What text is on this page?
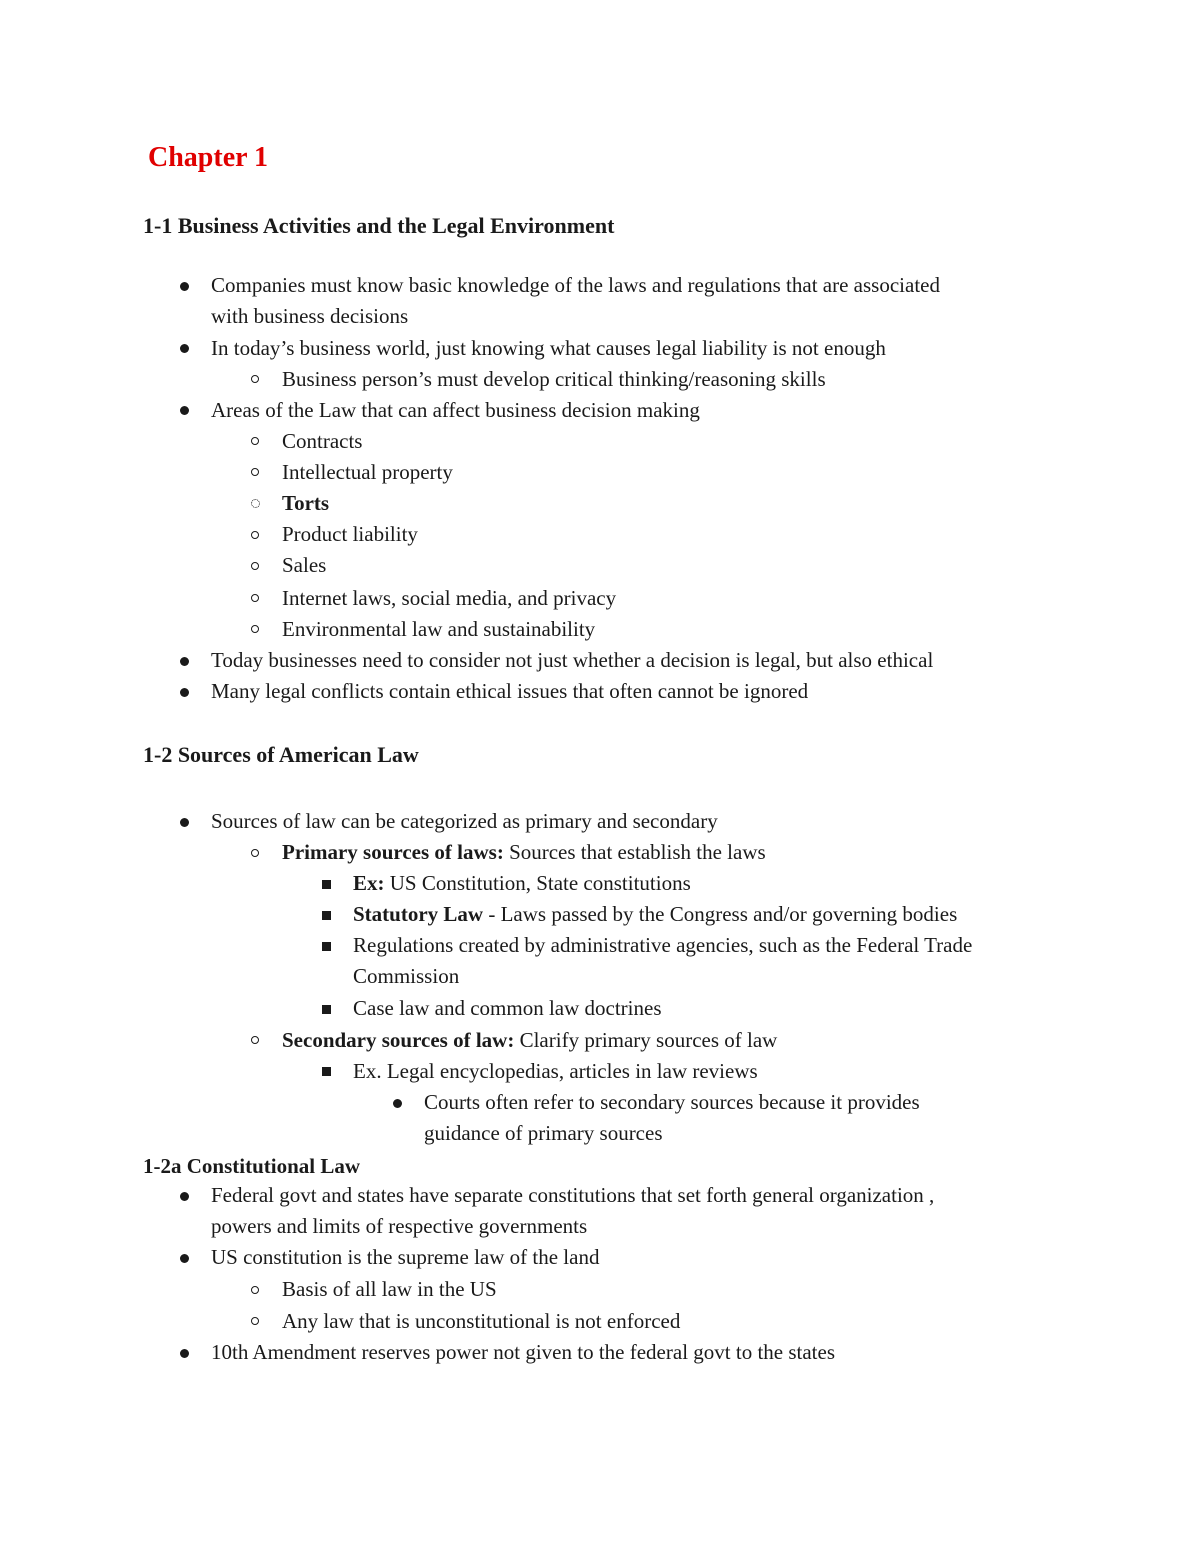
Chapter 1
1-1 Business Activities and the Legal Environment
Companies must know basic knowledge of the laws and regulations that are associated
with business decisions
In today’s business world, just knowing what causes legal liability is not enough
Business person’s must develop critical thinking/reasoning skills
Areas of the Law that can affect business decision making
Contracts
Intellectual property
Torts
Product liability
Sales
Internet laws, social media, and privacy
Environmental law and sustainability
Today businesses need to consider not just whether a decision is legal, but also ethical
Many legal conflicts contain ethical issues that often cannot be ignored
1-2 Sources of American Law
Sources of law can be categorized as primary and secondary
Primary sources of laws: Sources that establish the laws
Ex: US Constitution, State constitutions
Statutory Law - Laws passed by the Congress and/or governing bodies
Regulations created by administrative agencies, such as the Federal Trade
Commission
Case law and common law doctrines
Secondary sources of law: Clarify primary sources of law
Ex. Legal encyclopedias, articles in law reviews
Courts often refer to secondary sources because it provides
guidance of primary sources
1-2a Constitutional Law
Federal govt and states have separate constitutions that set forth general organization ,
powers and limits of respective governments
US constitution is the supreme law of the land
Basis of all law in the US
Any law that is unconstitutional is not enforced
10th Amendment reserves power not given to the federal govt to the states
